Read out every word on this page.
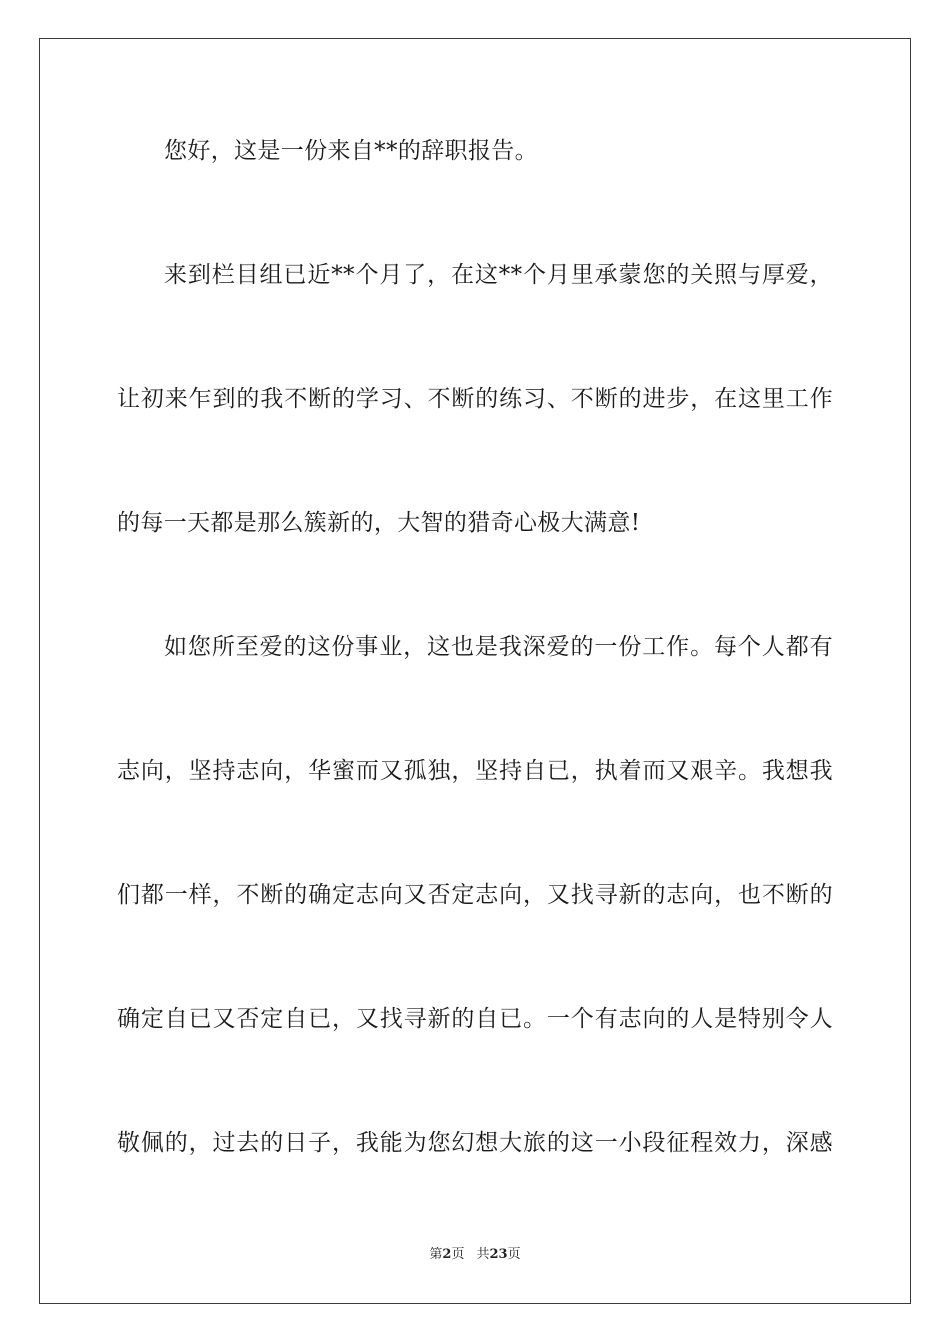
您好，这是一份来自**的辞职报告。
来到栏目组已近**个月了，在这**个月里承蒙您的关照与厚爱，
让初来乍到的我不断的学习、不断的练习、不断的进步，在这里工作
的每一天都是那么簇新的，大智的猎奇心极大满意!
如您所至爱的这份事业，这也是我深爱的一份工作。每个人都有
志向，坚持志向，华蜜而又孤独，坚持自已，执着而又艰辛。我想我
们都一样，不断的确定志向又否定志向，又找寻新的志向，也不断的
确定自已又否定自已，又找寻新的自已。一个有志向的人是特别令人
敬佩的，过去的日子，我能为您幻想大旅的这一小段征程效力，深感
第2页 共23页
